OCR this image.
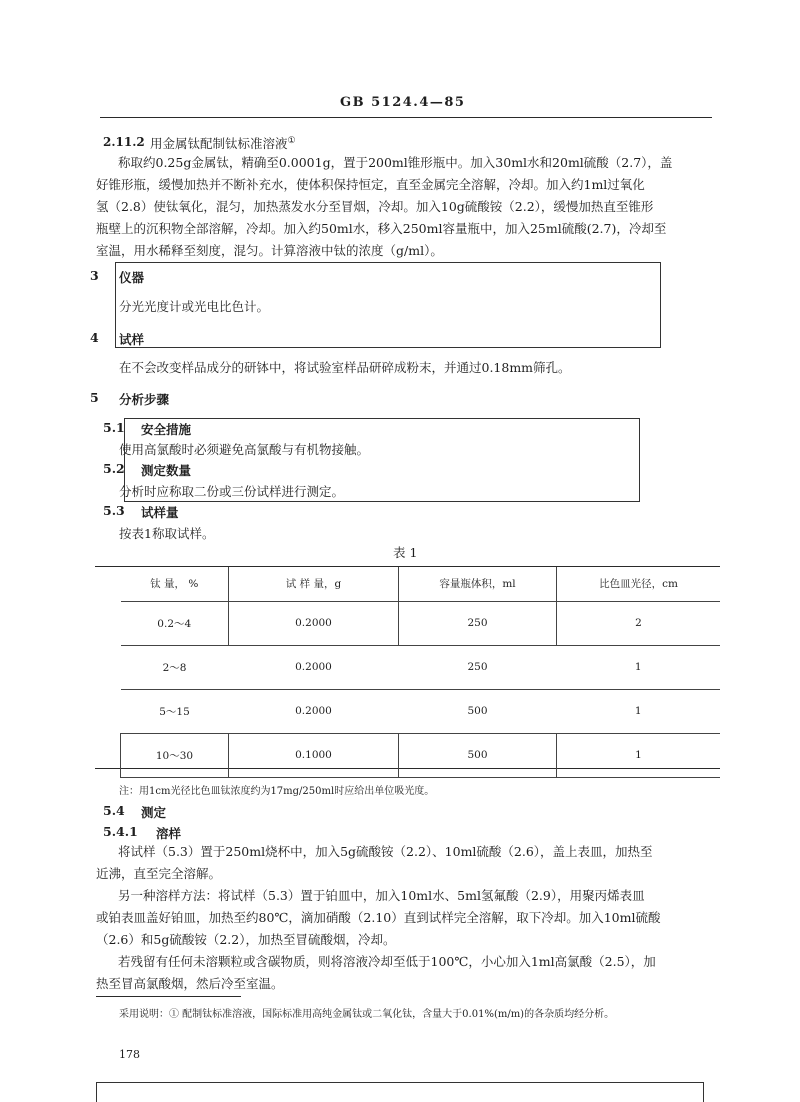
GB 5124.4—85
2.11.2 用金属钛配制钛标准溶液①
称取约0.25g金属钛，精确至0.0001g，置于200ml锥形瓶中。加入30ml水和20ml硫酸（2.7），盖
好锥形瓶，缓慢加热并不断补充水，使体积保持恒定，直至金属完全溶解，冷却。加入约1ml过氧化
氢（2.8）使钛氧化，混匀，加热蒸发水分至冒烟，冷却。加入10g硫酸铵（2.2），缓慢加热直至锥形
瓶壁上的沉积物全部溶解，冷却。加入约50ml水，移入250ml容量瓶中，加入25ml硫酸(2.7)，冷却至
室温，用水稀释至刻度，混匀。计算溶液中钛的浓度（g/ml）。
3 仪器
分光光度计或光电比色计。
4 试样
在不会改变样品成分的研钵中，将试验室样品研碎成粉末，并通过0.18mm筛孔。
5 分析步骤
5.1 安全措施
使用高氯酸时必须避免高氯酸与有机物接触。
5.2 测定数量
分析时应称取二份或三份试样进行测定。
5.3 试样量
按表1称取试样。
表 1
钛 量， %	试 样 量，g	容量瓶体积，ml	比色皿光径，cm
0.2～4	0.2000	250	2
2～8	0.2000	250	1
5～15	0.2000	500	1
10～30	0.1000	500	1
注：用1cm光径比色皿钛浓度约为17mg/250ml时应给出单位吸光度。
5.4 测定
5.4.1 溶样
将试样（5.3）置于250ml烧杯中，加入5g硫酸铵（2.2）、10ml硫酸（2.6），盖上表皿，加热至
近沸，直至完全溶解。
另一种溶样方法：将试样（5.3）置于铂皿中，加入10ml水、5ml氢氟酸（2.9），用聚丙烯表皿
或铂表皿盖好铂皿，加热至约80℃，滴加硝酸（2.10）直到试样完全溶解，取下冷却。加入10ml硫酸
（2.6）和5g硫酸铵（2.2），加热至冒硫酸烟，冷却。
若残留有任何未溶颗粒或含碳物质，则将溶液冷却至低于100℃，小心加入1ml高氯酸（2.5），加
热至冒高氯酸烟，然后冷至室温。
采用说明：① 配制钛标准溶液，国际标准用高纯金属钛或二氧化钛，含量大于0.01%(m/m)的各杂质均经分析。
178
